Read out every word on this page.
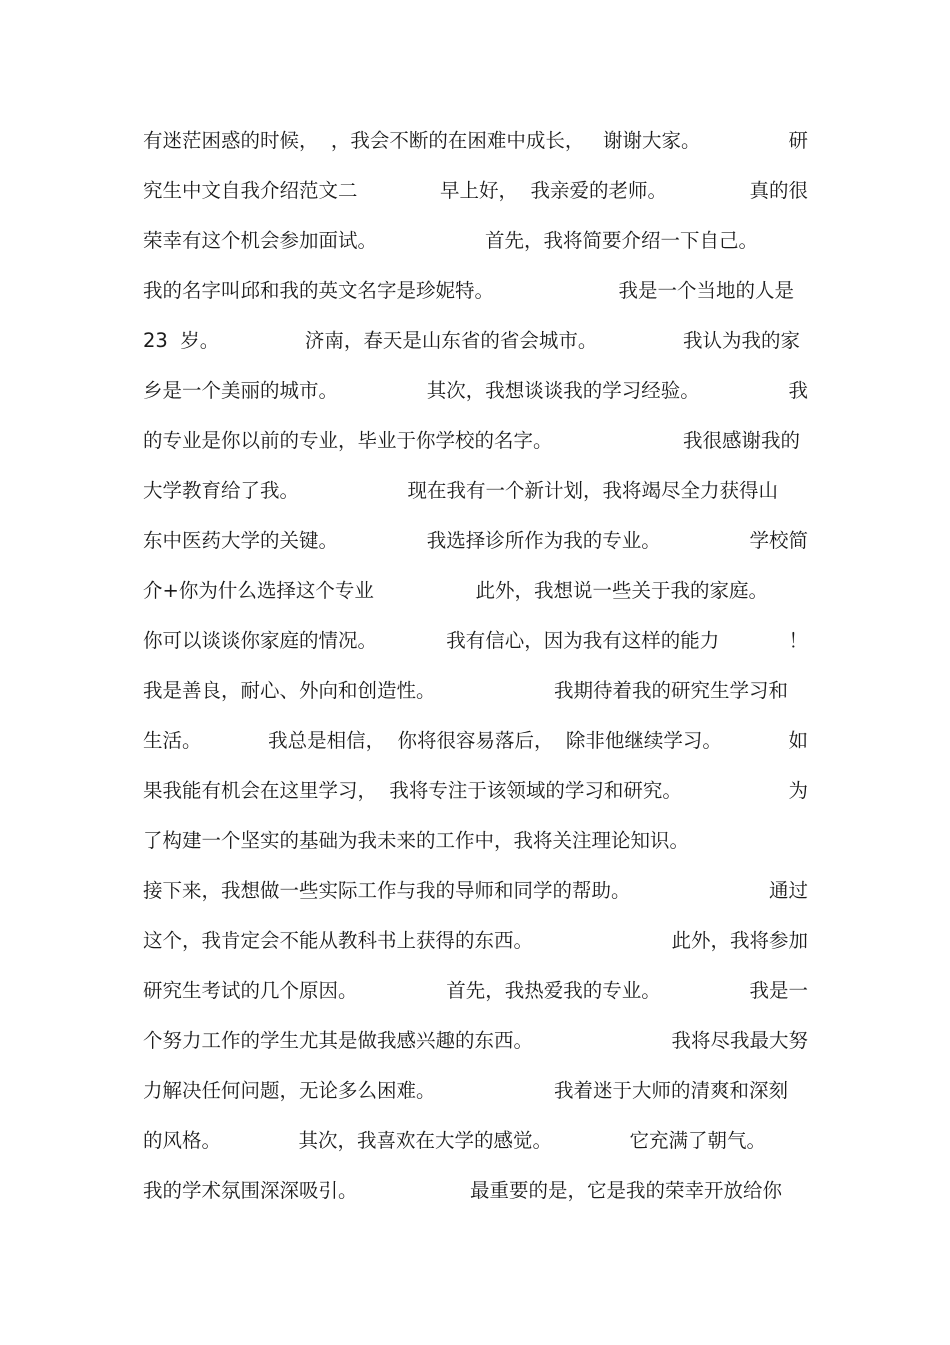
有迷茫困惑的时候，  ，我会不断的在困难中成长，   谢谢大家。	研
究生中文自我介绍范文二	早上好，  我亲爱的老师。	真的很
荣幸有这个机会参加面试。	首先，我将简要介绍一下自己。
我的名字叫邱和我的英文名字是珍妮特。	我是一个当地的人是
23  岁。	济南，春天是山东省的省会城市。	我认为我的家
乡是一个美丽的城市。	其次，我想谈谈我的学习经验。	我
的专业是你以前的专业，毕业于你学校的名字。	我很感谢我的
大学教育给了我。	现在我有一个新计划，我将竭尽全力获得山
东中医药大学的关键。	我选择诊所作为我的专业。	学校简
介+你为什么选择这个专业	此外，我想说一些关于我的家庭。
你可以谈谈你家庭的情况。	我有信心，因为我有这样的能力	！
我是善良，耐心、外向和创造性。	我期待着我的研究生学习和
生活。	我总是相信，  你将很容易落后，  除非他继续学习。	如
果我能有机会在这里学习，  我将专注于该领域的学习和研究。	为
了构建一个坚实的基础为我未来的工作中，我将关注理论知识。
接下来，我想做一些实际工作与我的导师和同学的帮助。	通过
这个，我肯定会不能从教科书上获得的东西。	此外，我将参加
研究生考试的几个原因。	首先，我热爱我的专业。	我是一
个努力工作的学生尤其是做我感兴趣的东西。	我将尽我最大努
力解决任何问题，无论多么困难。	我着迷于大师的清爽和深刻
的风格。	其次，我喜欢在大学的感觉。	它充满了朝气。
我的学术氛围深深吸引。	最重要的是，它是我的荣幸开放给你
